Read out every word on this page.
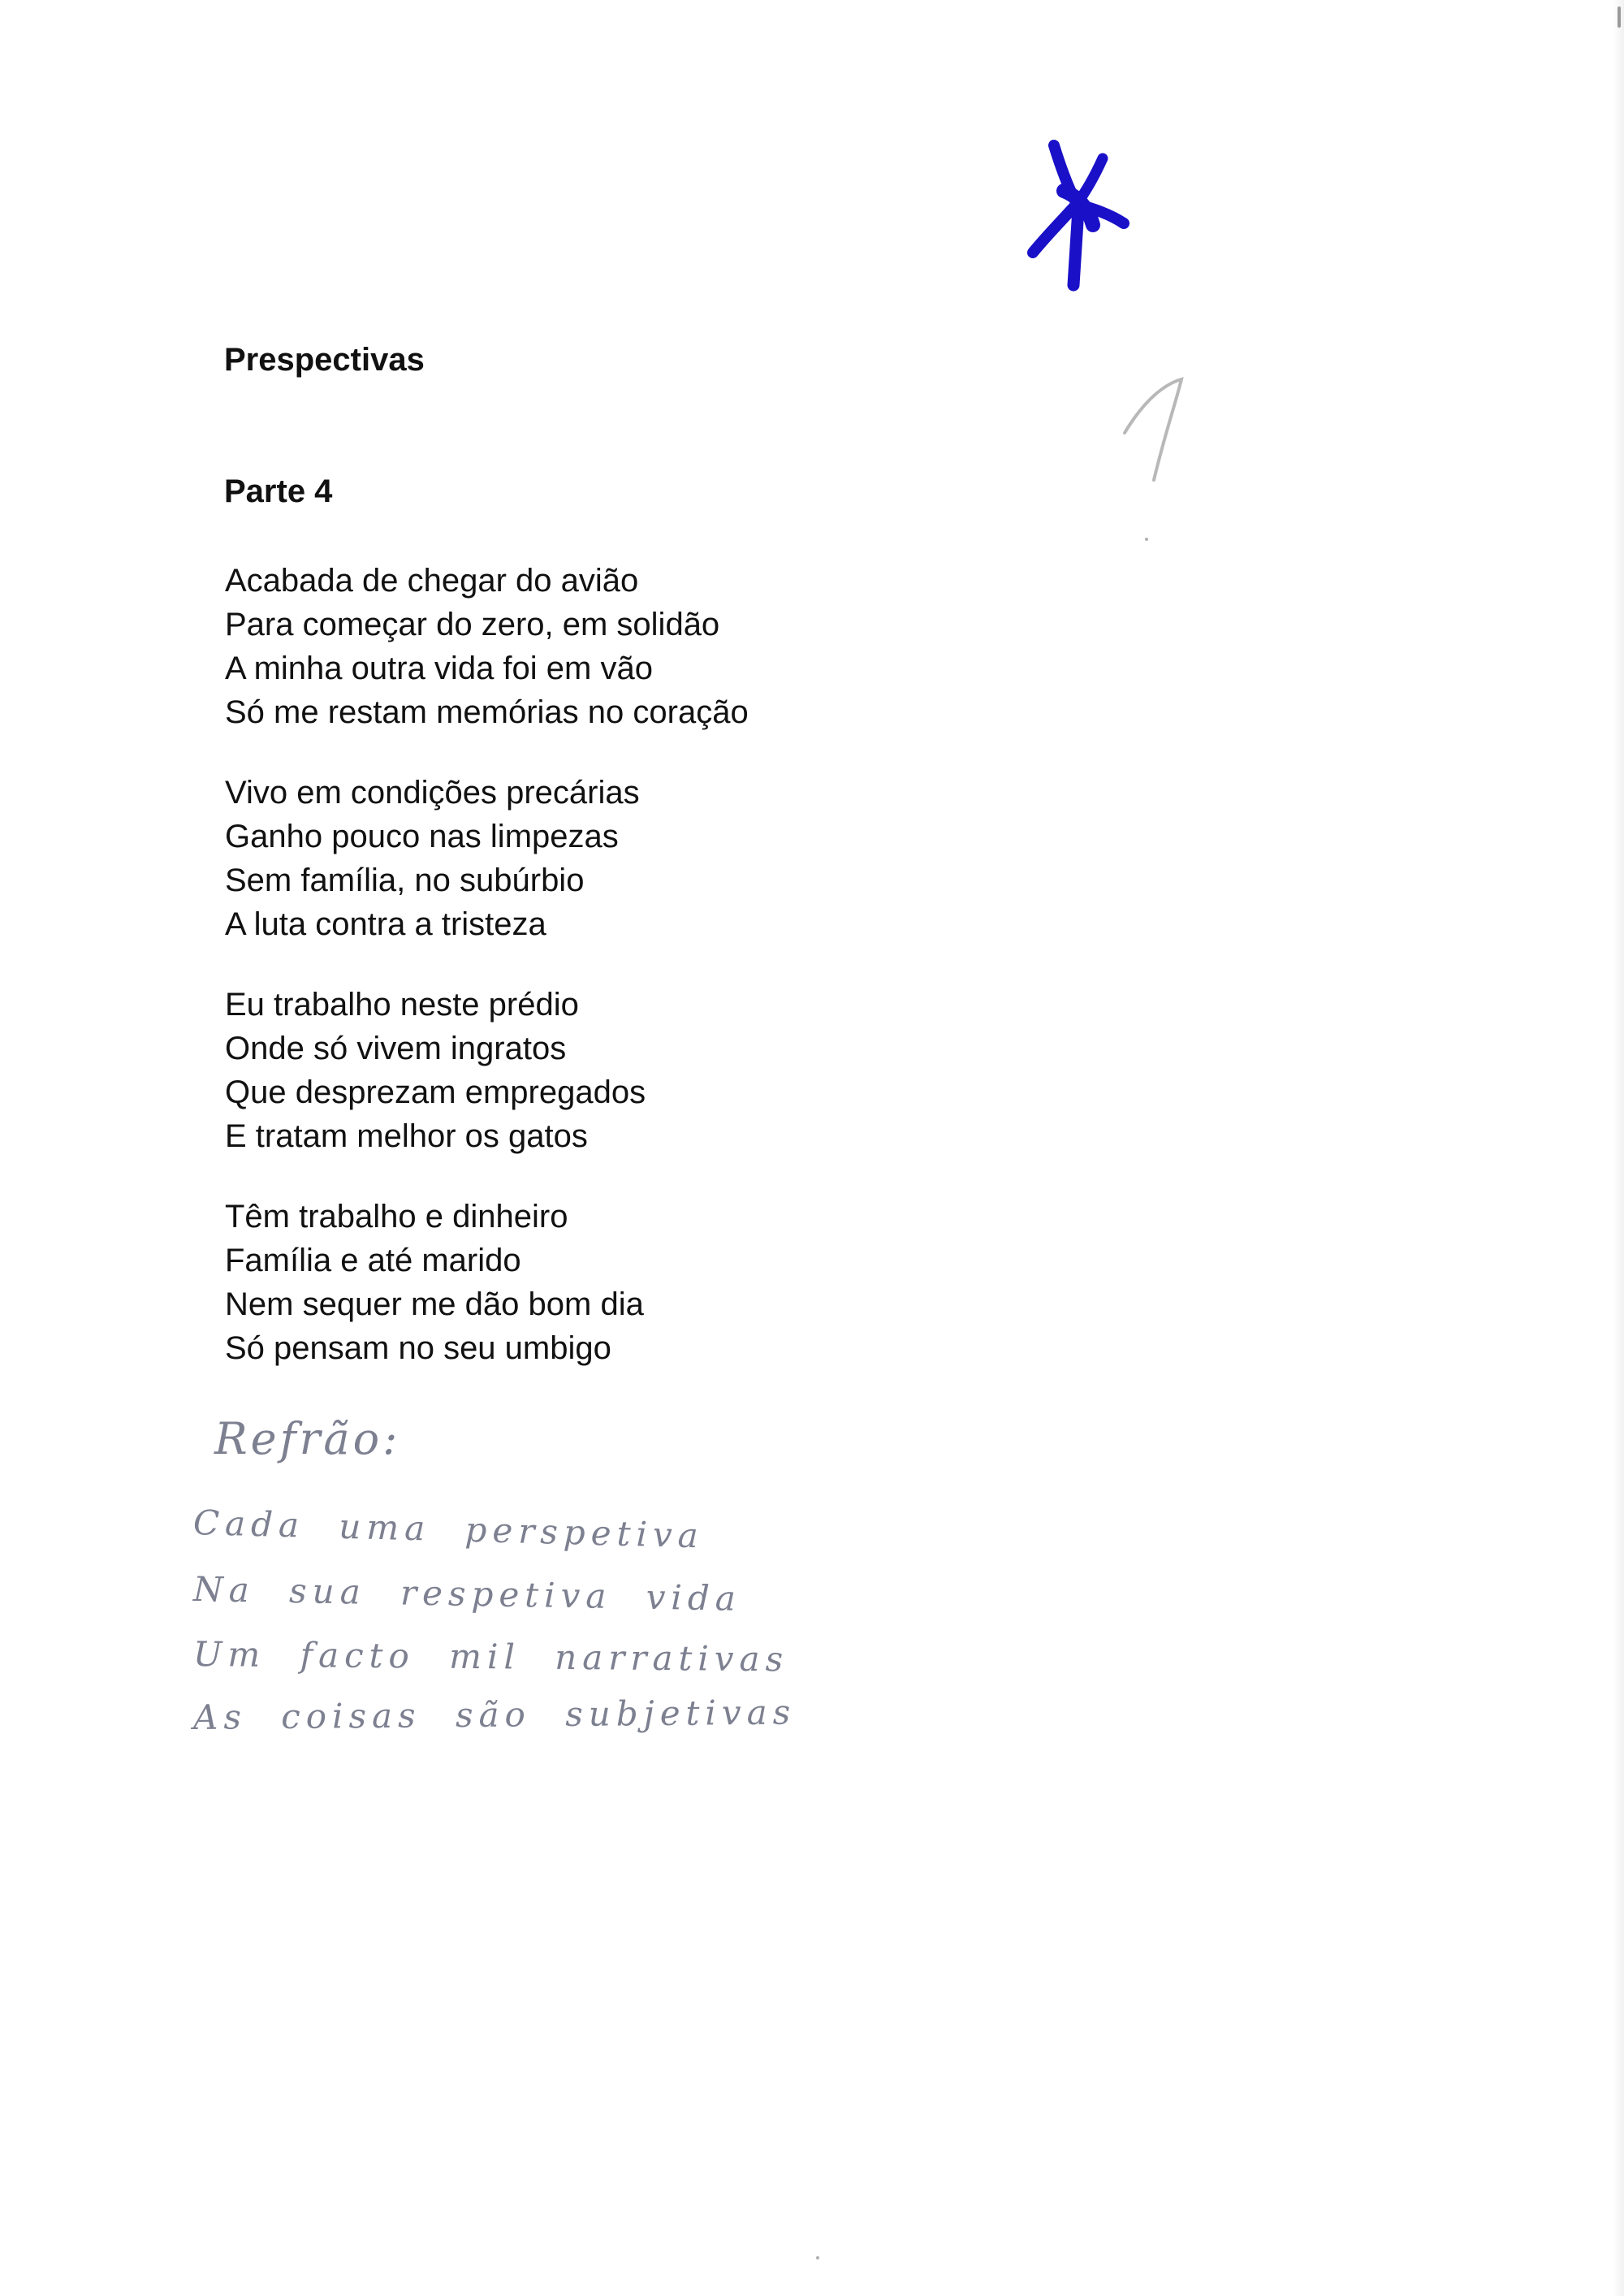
Prespectivas
Parte 4
Acabada de chegar do avião
Para começar do zero, em solidão
A minha outra vida foi em vão
Só me restam memórias no coração
Vivo em condições precárias
Ganho pouco nas limpezas
Sem família, no subúrbio
A luta contra a tristeza
Eu trabalho neste prédio
Onde só vivem ingratos
Que desprezam empregados
E tratam melhor os gatos
Têm trabalho e dinheiro
Família e até marido
Nem sequer me dão bom dia
Só pensam no seu umbigo
Refrão:
Cada uma perspetiva
Na sua respetiva vida
Um facto mil narrativas
As coisas são subjetivas
